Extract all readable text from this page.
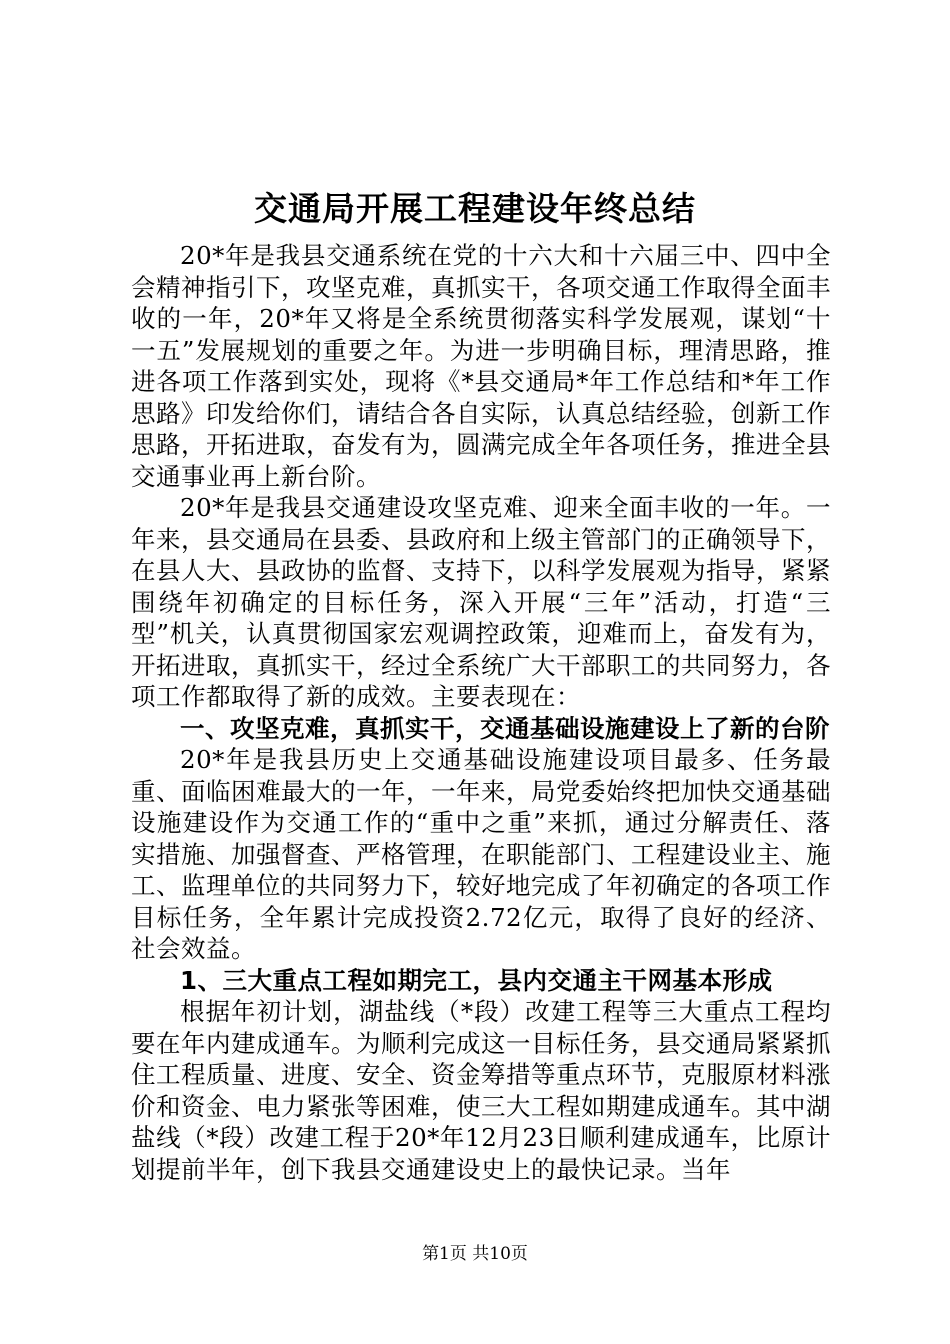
交通局开展工程建设年终总结

20*年是我县交通系统在党的十六大和十六届三中、四中全会精神指引下，攻坚克难，真抓实干，各项交通工作取得全面丰收的一年，20*年又将是全系统贯彻落实科学发展观，谋划“十一五”发展规划的重要之年。为进一步明确目标，理清思路，推进各项工作落到实处，现将《*县交通局*年工作总结和*年工作思路》印发给你们，请结合各自实际，认真总结经验，创新工作思路，开拓进取，奋发有为，圆满完成全年各项任务，推进全县交通事业再上新台阶。

20*年是我县交通建设攻坚克难、迎来全面丰收的一年。一年来，县交通局在县委、县政府和上级主管部门的正确领导下，在县人大、县政协的监督、支持下，以科学发展观为指导，紧紧围绕年初确定的目标任务，深入开展“三年”活动，打造“三型”机关，认真贯彻国家宏观调控政策，迎难而上，奋发有为，开拓进取，真抓实干，经过全系统广大干部职工的共同努力，各项工作都取得了新的成效。主要表现在：

一、攻坚克难，真抓实干，交通基础设施建设上了新的台阶

20*年是我县历史上交通基础设施建设项目最多、任务最重、面临困难最大的一年，一年来，局党委始终把加快交通基础设施建设作为交通工作的“重中之重”来抓，通过分解责任、落实措施、加强督查、严格管理，在职能部门、工程建设业主、施工、监理单位的共同努力下，较好地完成了年初确定的各项工作目标任务，全年累计完成投资2.72亿元，取得了良好的经济、社会效益。

1、三大重点工程如期完工，县内交通主干网基本形成

根据年初计划，湖盐线（*段）改建工程等三大重点工程均要在年内建成通车。为顺利完成这一目标任务，县交通局紧紧抓住工程质量、进度、安全、资金筹措等重点环节，克服原材料涨价和资金、电力紧张等困难，使三大工程如期建成通车。其中湖盐线（*段）改建工程于20*年12月23日顺利建成通车，比原计划提前半年，创下我县交通建设史上的最快记录。当年

第1页 共10页
